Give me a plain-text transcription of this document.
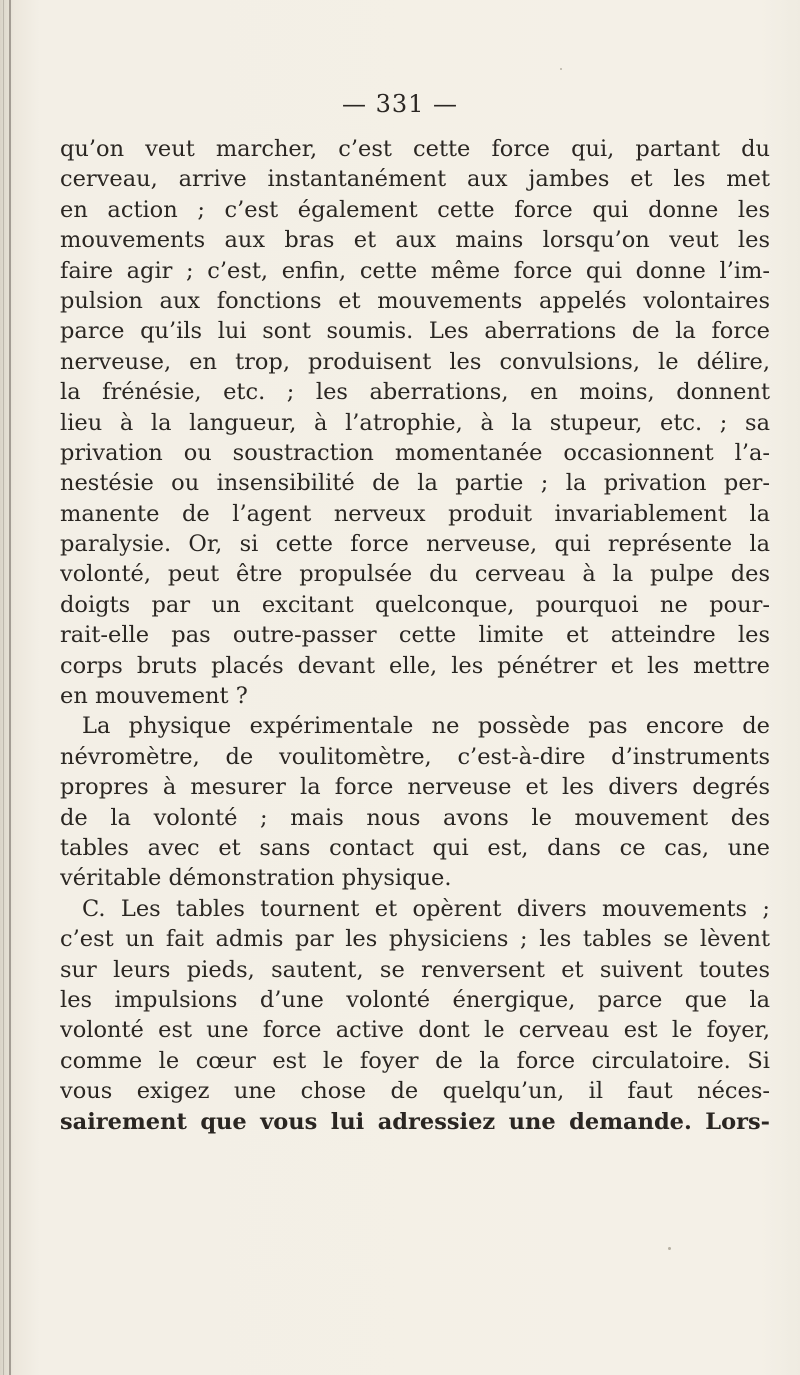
— 331 —
qu’on veut marcher, c’est cette force qui, partant du
cerveau, arrive instantanément aux jambes et les met
en action ; c’est également cette force qui donne les
mouvements aux bras et aux mains lorsqu’on veut les
faire agir ; c’est, enfin, cette même force qui donne l’im-
pulsion aux fonctions et mouvements appelés volontaires
parce qu’ils lui sont soumis. Les aberrations de la force
nerveuse, en trop, produisent les convulsions, le délire,
la frénésie, etc. ; les aberrations, en moins, donnent
lieu à la langueur, à l’atrophie, à la stupeur, etc. ; sa
privation ou soustraction momentanée occasionnent l’a-
nestésie ou insensibilité de la partie ; la privation per-
manente de l’agent nerveux produit invariablement la
paralysie. Or, si cette force nerveuse, qui représente la
volonté, peut être propulsée du cerveau à la pulpe des
doigts par un excitant quelconque, pourquoi ne pour-
rait-elle pas outre-passer cette limite et atteindre les
corps bruts placés devant elle, les pénétrer et les mettre
en mouvement ?
La physique expérimentale ne possède pas encore de
névromètre, de voulitomètre, c’est-à-dire d’instruments
propres à mesurer la force nerveuse et les divers degrés
de la volonté ; mais nous avons le mouvement des
tables avec et sans contact qui est, dans ce cas, une
véritable démonstration physique.
C. Les tables tournent et opèrent divers mouvements ;
c’est un fait admis par les physiciens ; les tables se lèvent
sur leurs pieds, sautent, se renversent et suivent toutes
les impulsions d’une volonté énergique, parce que la
volonté est une force active dont le cerveau est le foyer,
comme le cœur est le foyer de la force circulatoire. Si
vous exigez une chose de quelqu’un, il faut néces-
sairement que vous lui adressiez une demande. Lors-
